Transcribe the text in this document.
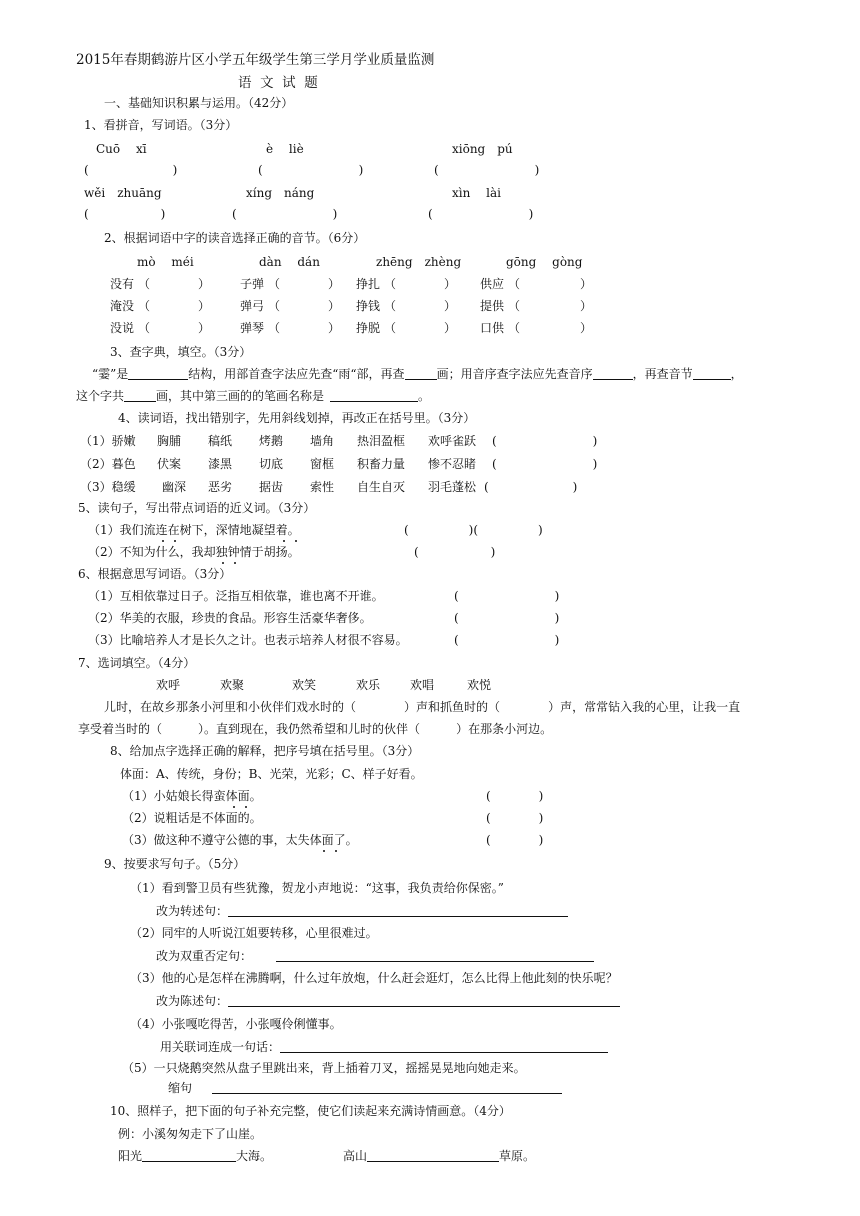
2015年春期鹤游片区小学五年级学生第三学月学业质量监测
语  文  试  题
一、基础知识积累与运用。（42分）
1、看拼音，写词语。（3分）
Cuō　 xī	è　 liè	xiōng　pú
(　　　　　　　)	(　　　　　　　　)	(　　　　　　　　)
wěi　zhuāng	xíng　náng	xìn　 lài
(　　　　　　)	(　　　　　　　　)	(　　　　　　　　)
2、根据词语中字的读音选择正确的音节。（6分）
mò　 méi	dàn　 dán	zhēng　zhèng	gōng　 gòng
没有 （　　　　） 子弹 （　　　　） 挣扎 （　　　　） 供应 （　　　　　）
淹没 （　　　　） 弹弓 （　　　　） 挣钱 （　　　　） 提供 （　　　　　）
没说 （　　　　） 弹琴 （　　　　） 挣脱 （　　　　） 口供 （　　　　　）
3、查字典，填空。（3分）
“霎”是	结构，用部首查字法应先查“雨“部，再查	画；用音序查字法应先查音序	，再查音节	，
这个字共	画，其中第三画的的笔画名称是	。
4、读词语，找出错别字，先用斜线划掉，再改正在括号里。（3分）
（1）骄嫩 胸脯 稿纸 烤鹅 墙角 热泪盈框 欢呼雀跃 (　　　　　　　　)
（2）暮色 伏案 漆黑 切底 窗框 积畜力量 惨不忍睹 (　　　　　　　　)
（3）稳缓 幽深 恶劣 据齿 索性 自生自灭 羽毛蓬松 (　　　　　　　)
5、读句子，写出带点词语的近义词。（3分）
（1）我们流连在树下，深情地凝望着。	(　　　　　)(　　　　　)
（2）不知为什么，我却独钟情于胡扬。	(　　　　　　)
6、根据意思写词语。（3分）
（1）互相依靠过日子。泛指互相依靠，谁也离不开谁。	(　　　　　　　　)
（2）华美的衣服，珍贵的食品。形容生活豪华奢侈。	(　　　　　　　　)
（3）比喻培养人才是长久之计。也表示培养人材很不容易。	(　　　　　　　　)
7、选词填空。（4分）
欢呼	欢聚	欢笑	欢乐 欢唱	欢悦
儿时，在故乡那条小河里和小伙伴们戏水时的（　　　　	）声和抓鱼时的（　　　　	）声，常常钻入我的心里，让我一直
享受着当时的（　　　	）。直到现在，我仍然希望和儿时的伙伴（　　　	）在那条小河边。
8、给加点字选择正确的解释，把序号填在括号里。（3分）
体面：A、传统，身份；B、光荣，光彩；C、样子好看。
（1）小姑娘长得蛮体面。	(　　　　)
（2）说粗话是不体面的。	(　　　　)
（3）做这种不遵守公德的事，太失体面了。	(　　　　)
9、按要求写句子。（5分）
（1）看到警卫员有些犹豫，贺龙小声地说：“这事，我负责给你保密。”
改为转述句：
（2）同牢的人听说江姐要转移，心里很难过。
改为双重否定句：
（3）他的心是怎样在沸腾啊，什么过年放炮，什么赶会逛灯，怎么比得上他此刻的快乐呢？
改为陈述句：
（4）小张嘎吃得苦，小张嘎伶俐懂事。
用关联词连成一句话：
（5）一只烧鹅突然从盘子里跳出来，背上插着刀叉，摇摇晃晃地向她走来。
缩句
10、照样子，把下面的句子补充完整，使它们读起来充满诗情画意。（4分）
例：小溪匆匆走下了山崖。
阳光	大海。	高山	草原。
